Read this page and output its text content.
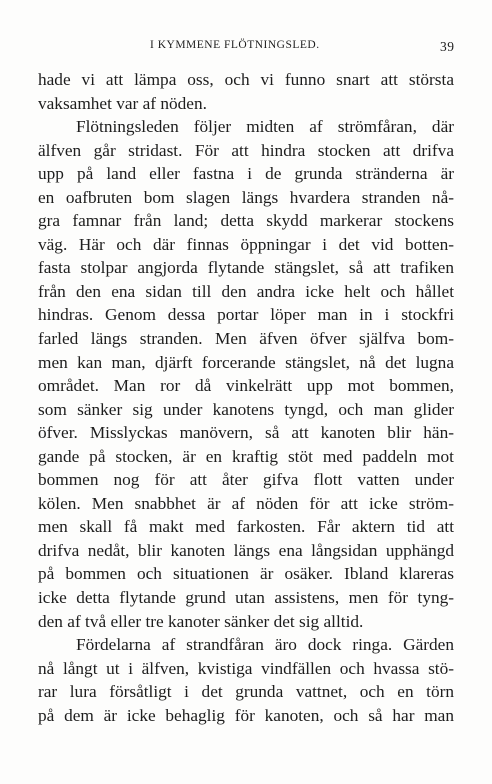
I KYMMENE FLÖTNINGSLED.	39
hade vi att lämpa oss, och vi funno snart att största
vaksamhet var af nöden.
Flötningsleden följer midten af strömfåran, där
älfven går stridast. För att hindra stocken att drifva
upp på land eller fastna i de grunda stränderna är
en oafbruten bom slagen längs hvardera stranden nå-
gra famnar från land; detta skydd markerar stockens
väg. Här och där finnas öppningar i det vid botten-
fasta stolpar angjorda flytande stängslet, så att trafiken
från den ena sidan till den andra icke helt och hållet
hindras. Genom dessa portar löper man in i stockfri
farled längs stranden. Men äfven öfver själfva bom-
men kan man, djärft forcerande stängslet, nå det lugna
området. Man ror då vinkelrätt upp mot bommen,
som sänker sig under kanotens tyngd, och man glider
öfver. Misslyckas manövern, så att kanoten blir hän-
gande på stocken, är en kraftig stöt med paddeln mot
bommen nog för att åter gifva flott vatten under
kölen. Men snabbhet är af nöden för att icke ström-
men skall få makt med farkosten. Får aktern tid att
drifva nedåt, blir kanoten längs ena långsidan upphängd
på bommen och situationen är osäker. Ibland klareras
icke detta flytande grund utan assistens, men för tyng-
den af två eller tre kanoter sänker det sig alltid.
Fördelarna af strandfåran äro dock ringa. Gärden
nå långt ut i älfven, kvistiga vindfällen och hvassa stö-
rar lura försåtligt i det grunda vattnet, och en törn
på dem är icke behaglig för kanoten, och så har man
